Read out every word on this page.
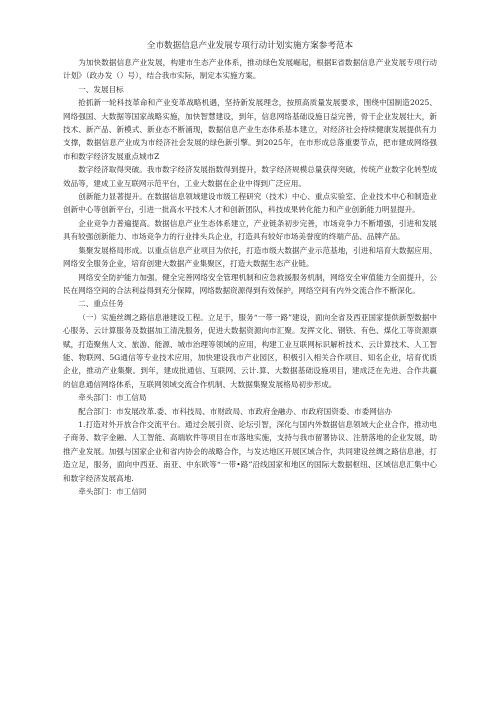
全市数据信息产业发展专项行动计划实施方案参考范本

为加快数据信息产业发展，构建市生态产业体系，推动绿色发展崛起，根据E省数据信息产业发展专项行动计划》（政办发（）号），结合我市实际，制定本实施方案。

一、发展目标

抢抓新一轮科技革命和产业变革战略机遇，坚持新发展理念，按照高质量发展要求，围绕中国制造2025、网络强国、大数据等国家战略实施，加快智慧建设，到年，信息网络基础设施日益完善，骨干企业发展壮大，新技术、新产品、新模式、新业态不断涌现，数据信息产业生态体系基本建立，对经济社会持续健康发展提供有力支撑，数据信息产业成为市经济社会发展的绿色新引擎。到2025年，在市形成总落重要节点，把市建成网络强市和数字经济发展重点城市Z

数字经济取得突破。我市数字经济发展指数得到提升，数字经济规模总量获得突破，传统产业数字化转型成效品等，建成工业互联网示范平台，工业大数据在企业中得到广泛应用。

创新能力显著提升。在数据信息领域建设市级工程研究（技术）中心、重点实验室、企业技术中心和制造业创新中心等创新平台，引进一批高水平技术人才和创新团队，科技成果转化能力和产业创新能力明显提升。

企业竞争力普遍提高。数据信息产业生态体系建立，产业链条初步完善，市场竞争力不断增强，引进和发展具有较强创新能力、市场竞争力的行业排头兵企业，打造具有较好市场美誉度的终端产品、品牌产品。

集聚发展格局形成。以重点信息产业项目为依托，打造市级大数据产业示范基地，引进和培育大数据应用、网络安全服务企业，培育创建大数据产业集聚区，打造大数据生态产业链。

网络安全防护能力加强。健全完善网络安全管理机制和应急救援服务机制，网络安全审值能力全面提升，公民在网络空间的合法利益得到充分保障，网络数据资源得到有效保护，网络空间有内外交流合作不断深化。

二、重点任务

（一）实施丝绸之路信息港建设工程。立足于，服务“一带一路”建设，面向全省及西亚国家提供新型数据中心服务、云计算服务及数据加工清洗服务，促进大数据资源向市汇聚。发挥文化、钢铁、有色、煤化工等资源禀赋，打造聚焦人文、旅游、能源、城市治理等领域的应用，构建工业互联网标识解析技术、云计算技术、人工智能、物联网、5G通信等专业技术应用，加快建设我市产业园区，积极引入相关合作项目、知名企业，培育优质企业，推动产业集聚。到年，建成批通信、互联网、云计.算、大数据基础设施项目，建成泛在先进、合作共赢的信息通信网络体系，互联网领域交流合作机制、大数据集聚发展格局初步形成。

牵头部门：市工信局

配合部门：市发展改革.委、市科技局、市财政局、市政府金融办、市政府国资委、市委网信办

1.打造对外开放合作交流平台。通过会展引资、论坛引智，深化与国内外数据信息领域大企业合作，推动电子商务、数字金融、人工智能、高端软件等项目在市落地实施，支持与我市留署协议、注册落地的企业发展，助推产业发展。加强与国家企业和省内协会的战略合作，与发达地区开展区域合作，共同建设丝绸之路信息港，打造立足，服务，面向中西亚、南亚、中东欧等“一带•路”沿线国家和地区的国际大数据枢纽、区域信息汇集中心和数字经济发展高地.

牵头部门：市工信同
